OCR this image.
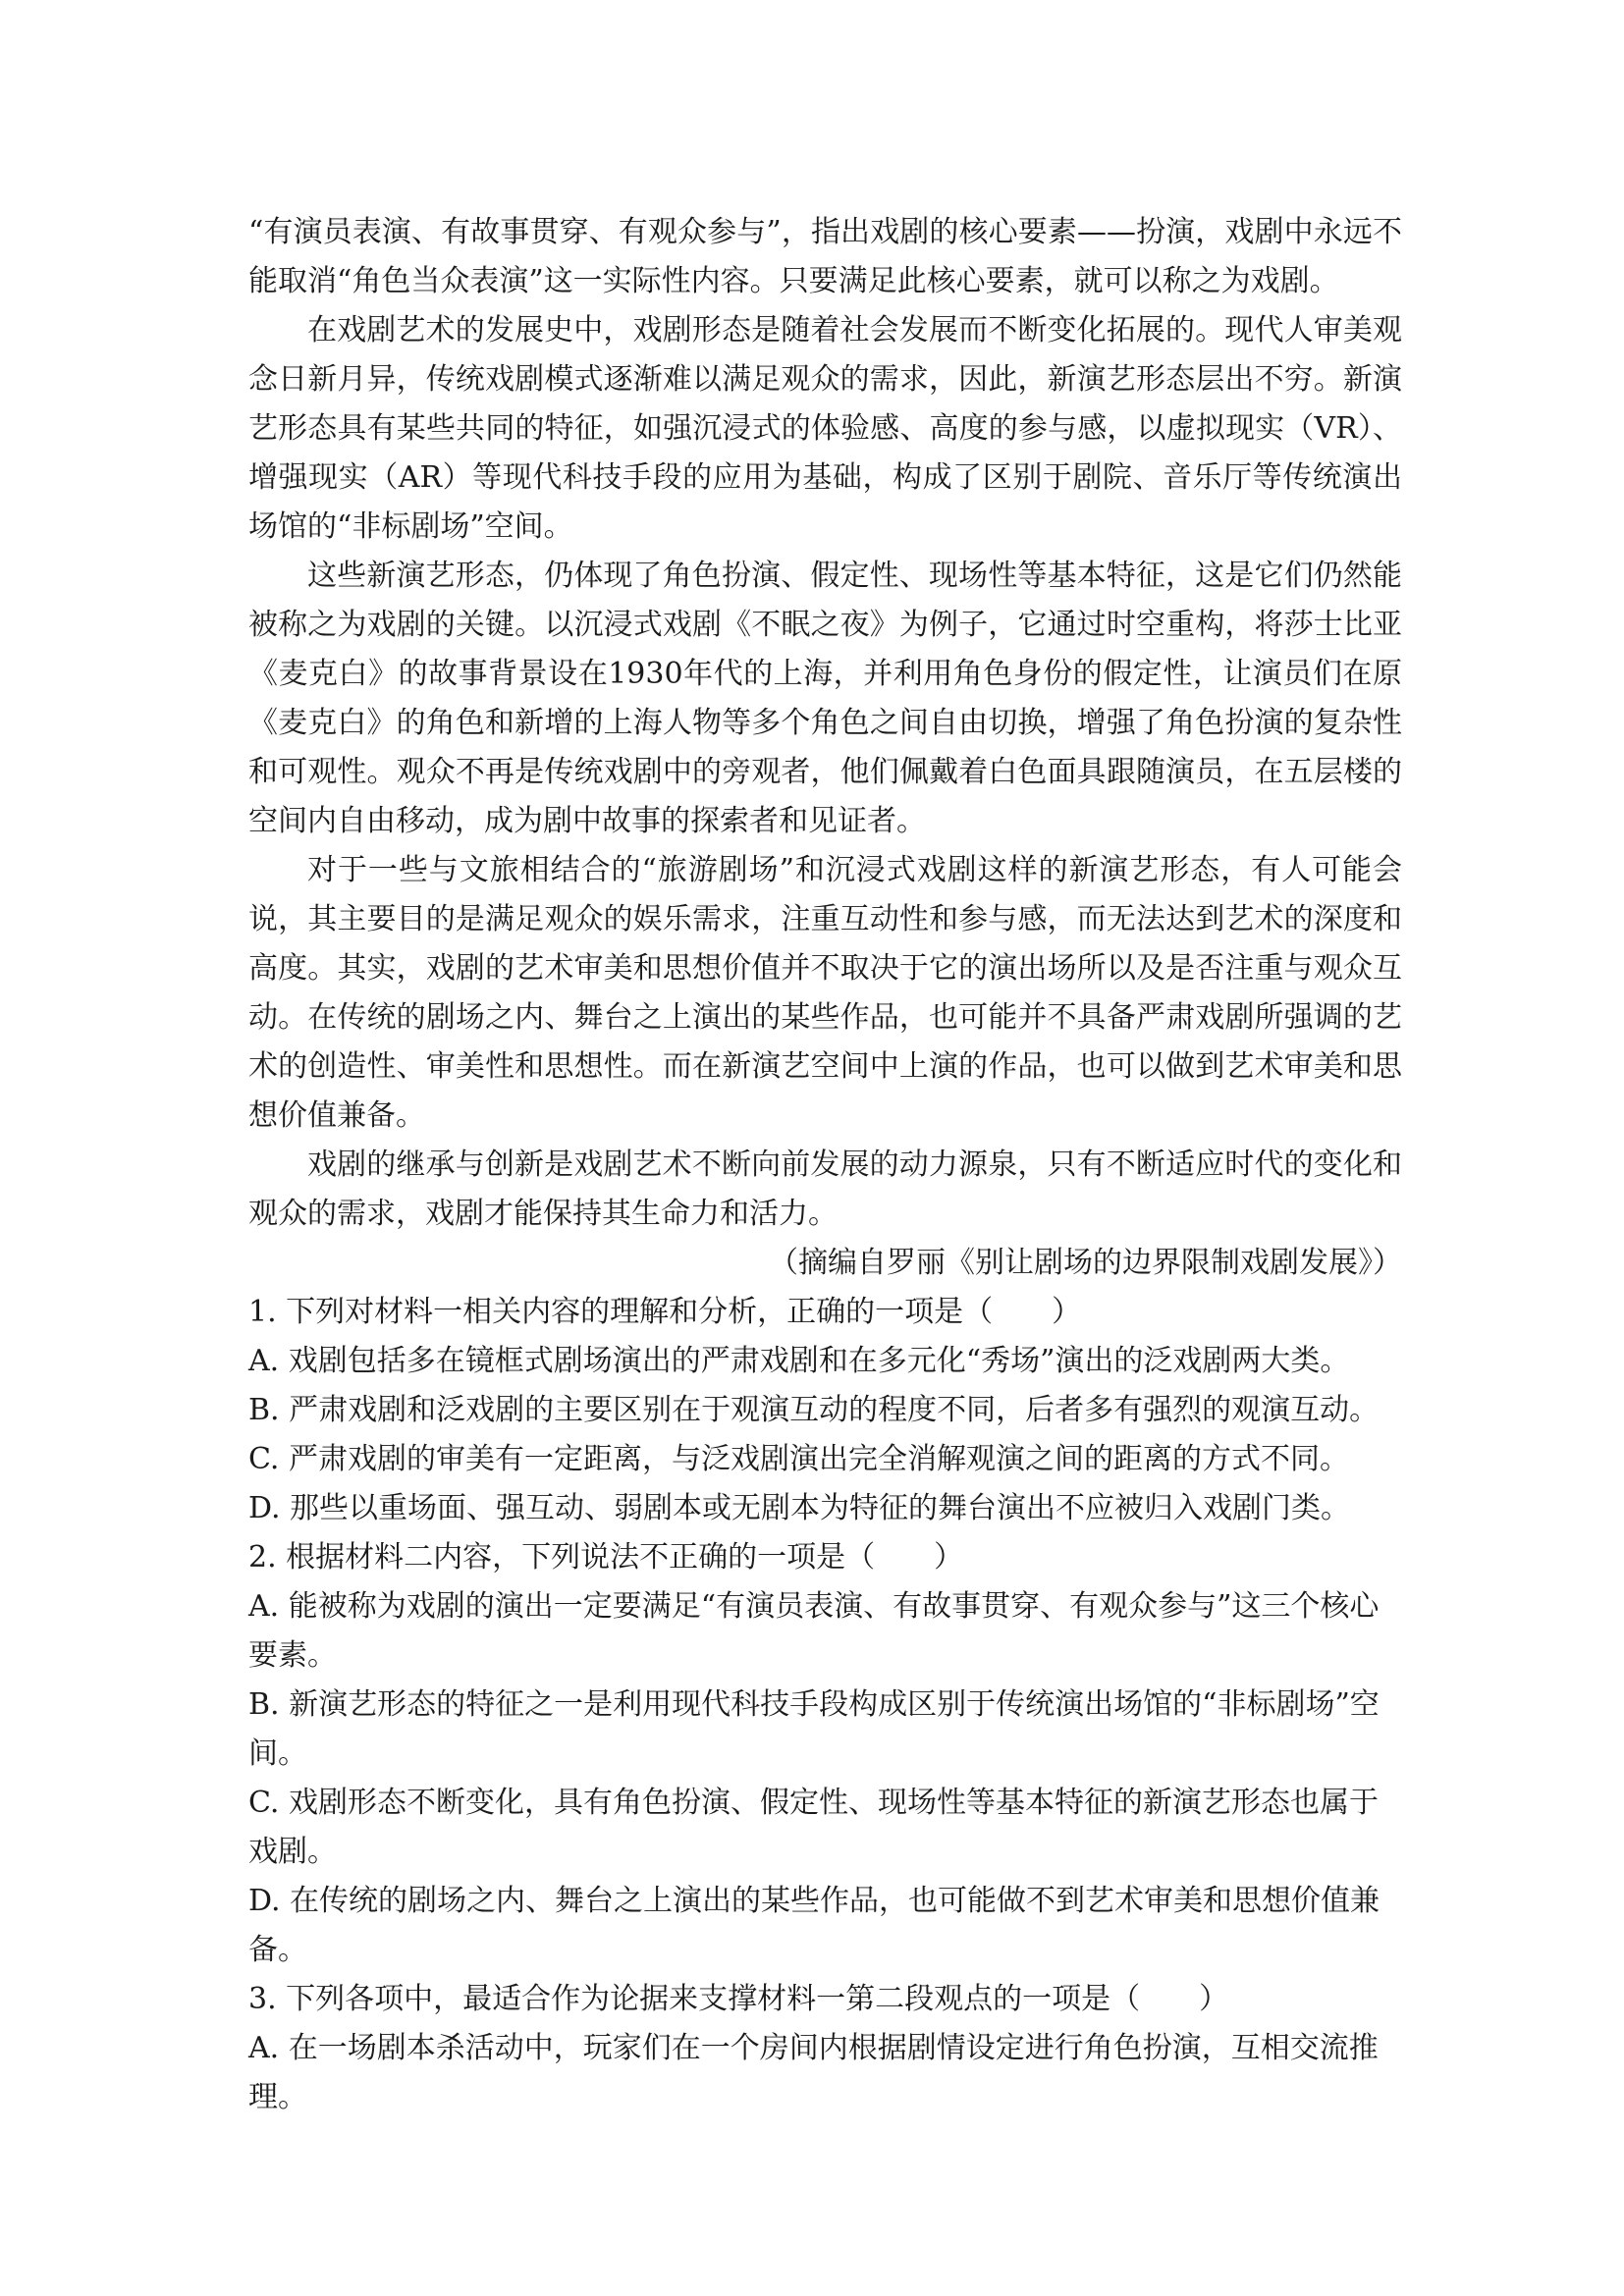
“有演员表演、有故事贯穿、有观众参与”，指出戏剧的核心要素——扮演，戏剧中永远不能取消“角色当众表演”这一实际性内容。只要满足此核心要素，就可以称之为戏剧。

在戏剧艺术的发展史中，戏剧形态是随着社会发展而不断变化拓展的。现代人审美观念日新月异，传统戏剧模式逐渐难以满足观众的需求，因此，新演艺形态层出不穷。新演艺形态具有某些共同的特征，如强沉浸式的体验感、高度的参与感，以虚拟现实（VR）、增强现实（AR）等现代科技手段的应用为基础，构成了区别于剧院、音乐厅等传统演出场馆的“非标剧场”空间。

这些新演艺形态，仍体现了角色扮演、假定性、现场性等基本特征，这是它们仍然能被称之为戏剧的关键。以沉浸式戏剧《不眠之夜》为例子，它通过时空重构，将莎士比亚《麦克白》的故事背景设在1930年代的上海，并利用角色身份的假定性，让演员们在原《麦克白》的角色和新增的上海人物等多个角色之间自由切换，增强了角色扮演的复杂性和可观性。观众不再是传统戏剧中的旁观者，他们佩戴着白色面具跟随演员，在五层楼的空间内自由移动，成为剧中故事的探索者和见证者。

对于一些与文旅相结合的“旅游剧场”和沉浸式戏剧这样的新演艺形态，有人可能会说，其主要目的是满足观众的娱乐需求，注重互动性和参与感，而无法达到艺术的深度和高度。其实，戏剧的艺术审美和思想价值并不取决于它的演出场所以及是否注重与观众互动。在传统的剧场之内、舞台之上演出的某些作品，也可能并不具备严肃戏剧所强调的艺术的创造性、审美性和思想性。而在新演艺空间中上演的作品，也可以做到艺术审美和思想价值兼备。

戏剧的继承与创新是戏剧艺术不断向前发展的动力源泉，只有不断适应时代的变化和观众的需求，戏剧才能保持其生命力和活力。

（摘编自罗丽《别让剧场的边界限制戏剧发展》）

1. 下列对材料一相关内容的理解和分析，正确的一项是（　　）

A. 戏剧包括多在镜框式剧场演出的严肃戏剧和在多元化“秀场”演出的泛戏剧两大类。

B. 严肃戏剧和泛戏剧的主要区别在于观演互动的程度不同，后者多有强烈的观演互动。

C. 严肃戏剧的审美有一定距离，与泛戏剧演出完全消解观演之间的距离的方式不同。

D. 那些以重场面、强互动、弱剧本或无剧本为特征的舞台演出不应被归入戏剧门类。

2. 根据材料二内容，下列说法不正确的一项是（　　）

A. 能被称为戏剧的演出一定要满足“有演员表演、有故事贯穿、有观众参与”这三个核心要素。

B. 新演艺形态的特征之一是利用现代科技手段构成区别于传统演出场馆的“非标剧场”空间。

C. 戏剧形态不断变化，具有角色扮演、假定性、现场性等基本特征的新演艺形态也属于戏剧。

D. 在传统的剧场之内、舞台之上演出的某些作品，也可能做不到艺术审美和思想价值兼备。

3. 下列各项中，最适合作为论据来支撑材料一第二段观点的一项是（　　）

A. 在一场剧本杀活动中，玩家们在一个房间内根据剧情设定进行角色扮演，互相交流推理。
